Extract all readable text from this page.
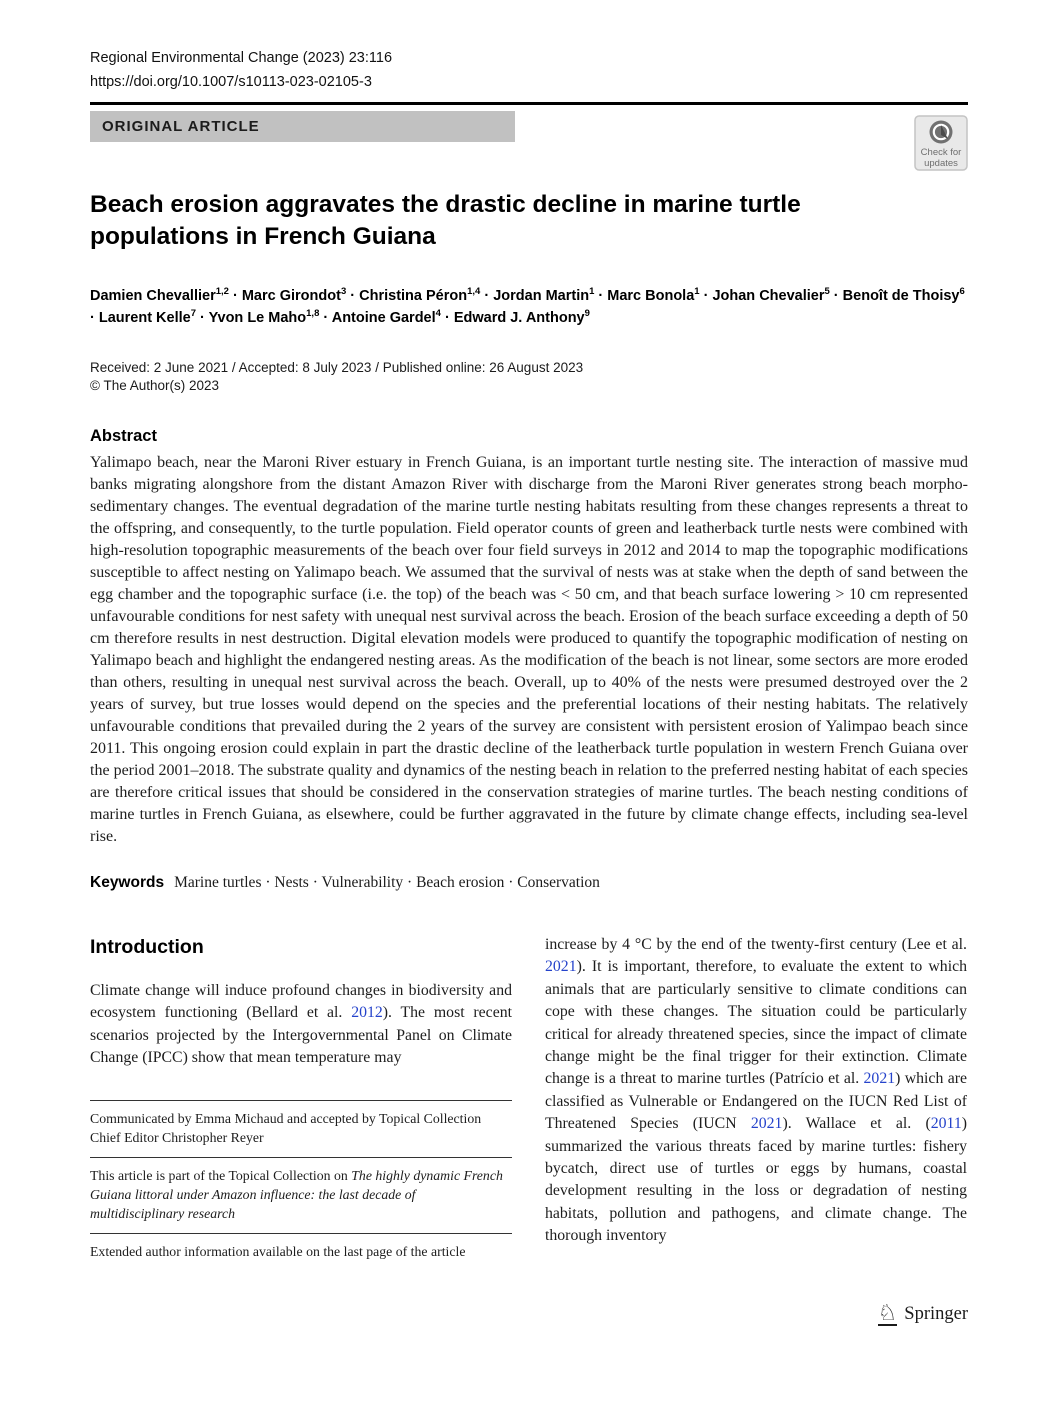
Regional Environmental Change (2023) 23:116
https://doi.org/10.1007/s10113-023-02105-3
ORIGINAL ARTICLE
Check for
updates
Beach erosion aggravates the drastic decline in marine turtle populations in French Guiana

Damien Chevallier$^{1,2}$ · Marc Girondot$^3$ · Christina Péron$^{1,4}$ · Jordan Martin$^1$ · Marc Bonola$^1$ · Johan Chevalier$^5$ · Benoît de Thoisy$^6$ · Laurent Kelle$^7$ · Yvon Le Maho$^{1,8}$ · Antoine Gardel$^4$ · Edward J. Anthony$^9$

Received: 2 June 2021 / Accepted: 8 July 2023 / Published online: 26 August 2023
© The Author(s) 2023
Abstract

Yalimapo beach, near the Maroni River estuary in French Guiana, is an important turtle nesting site. The interaction of massive mud banks migrating alongshore from the distant Amazon River with discharge from the Maroni River generates strong beach morpho-sedimentary changes. The eventual degradation of the marine turtle nesting habitats resulting from these changes represents a threat to the offspring, and consequently, to the turtle population. Field operator counts of green and leatherback turtle nests were combined with high-resolution topographic measurements of the beach over four field surveys in 2012 and 2014 to map the topographic modifications susceptible to affect nesting on Yalimapo beach. We assumed that the survival of nests was at stake when the depth of sand between the egg chamber and the topographic surface (i.e. the top) of the beach was < 50 cm, and that beach surface lowering > 10 cm represented unfavourable conditions for nest safety with unequal nest survival across the beach. Erosion of the beach surface exceeding a depth of 50 cm therefore results in nest destruction. Digital elevation models were produced to quantify the topographic modification of nesting on Yalimapo beach and highlight the endangered nesting areas. As the modification of the beach is not linear, some sectors are more eroded than others, resulting in unequal nest survival across the beach. Overall, up to 40% of the nests were presumed destroyed over the 2 years of survey, but true losses would depend on the species and the preferential locations of their nesting habitats. The relatively unfavourable conditions that prevailed during the 2 years of the survey are consistent with persistent erosion of Yalimpao beach since 2011. This ongoing erosion could explain in part the drastic decline of the leatherback turtle population in western French Guiana over the period 2001–2018. The substrate quality and dynamics of the nesting beach in relation to the preferred nesting habitat of each species are therefore critical issues that should be considered in the conservation strategies of marine turtles. The beach nesting conditions of marine turtles in French Guiana, as elsewhere, could be further aggravated in the future by climate change effects, including sea-level rise.

Keywords Marine turtles · Nests · Vulnerability · Beach erosion · Conservation
Introduction

Climate change will induce profound changes in biodiversity and ecosystem functioning (Bellard et al. 2012). The most recent scenarios projected by the Intergovernmental Panel on Climate Change (IPCC) show that mean temperature may

Communicated by Emma Michaud and accepted by Topical Collection Chief Editor Christopher Reyer

This article is part of the Topical Collection on The highly dynamic French Guiana littoral under Amazon influence: the last decade of multidisciplinary research

Extended author information available on the last page of the article

increase by 4 °C by the end of the twenty-first century (Lee et al. 2021). It is important, therefore, to evaluate the extent to which animals that are particularly sensitive to climate conditions can cope with these changes. The situation could be particularly critical for already threatened species, since the impact of climate change might be the final trigger for their extinction. Climate change is a threat to marine turtles (Patrício et al. 2021) which are classified as Vulnerable or Endangered on the IUCN Red List of Threatened Species (IUCN 2021). Wallace et al. (2011) summarized the various threats faced by marine turtles: fishery bycatch, direct use of turtles or eggs by humans, coastal development resulting in the loss or degradation of nesting habitats, pollution and pathogens, and climate change. The thorough inventory

♘ Springer
